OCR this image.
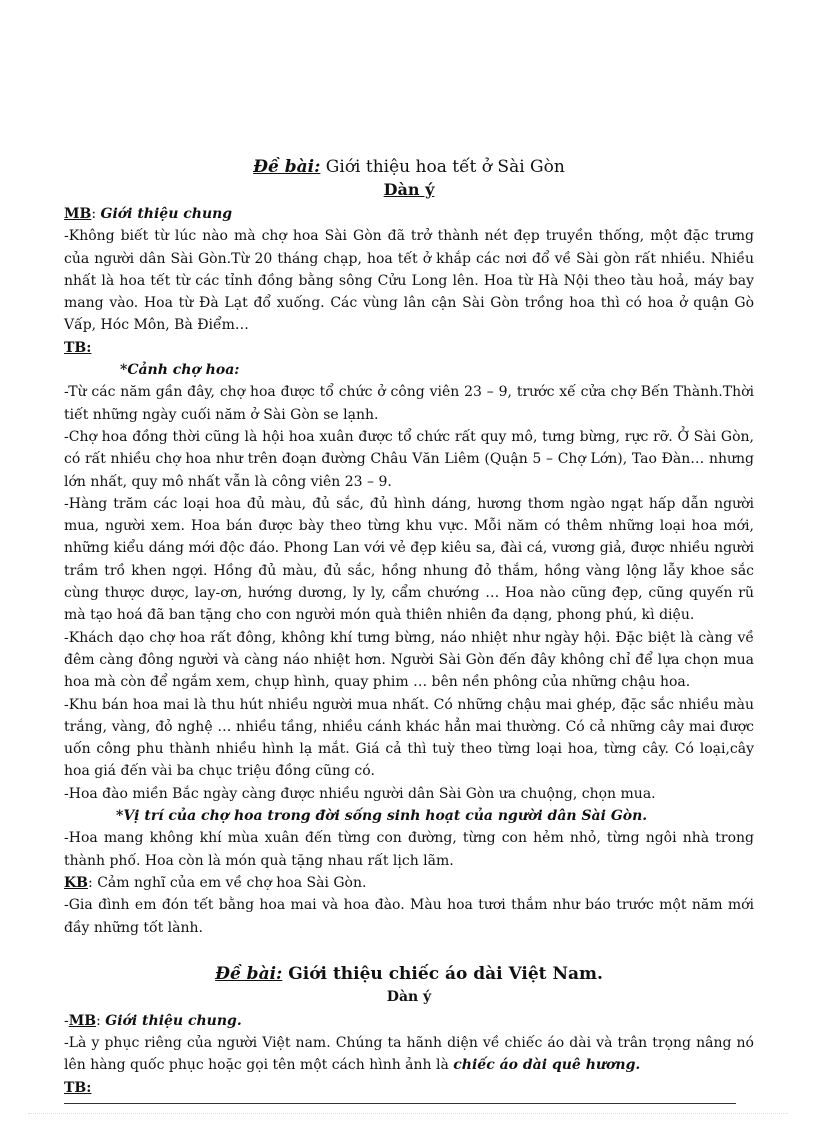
Đề bài: Giới thiệu hoa tết ở Sài Gòn

Dàn ý

MB: Giới thiệu chung

-Không biết từ lúc nào mà chợ hoa Sài Gòn đã trở thành nét đẹp truyền thống, một đặc trưng của người dân Sài Gòn.Từ 20 tháng chạp, hoa tết ở khắp các nơi đổ về Sài gòn rất nhiều. Nhiều nhất là hoa tết từ các tỉnh đồng bằng sông Cửu Long lên. Hoa từ Hà Nội theo tàu hoả, máy bay mang vào. Hoa từ Đà Lạt đổ xuống. Các vùng lân cận Sài Gòn trồng hoa thì có hoa ở quận Gò Vấp, Hóc Môn, Bà Điểm…

TB:

*Cảnh chợ hoa:

-Từ các năm gần đây, chợ hoa được tổ chức ở công viên 23 – 9, trước xế cửa chợ Bến Thành.Thời tiết những ngày cuối năm ở Sài Gòn se lạnh.

-Chợ hoa đồng thời cũng là hội hoa xuân được tổ chức rất quy mô, tưng bừng, rực rỡ. Ở Sài Gòn, có rất nhiều chợ hoa như trên đoạn đường Châu Văn Liêm (Quận 5 – Chợ Lớn), Tao Đàn… nhưng lớn nhất, quy mô nhất vẫn là công viên 23 – 9.

-Hàng trăm các loại hoa đủ màu, đủ sắc, đủ hình dáng, hương thơm ngào ngạt hấp dẫn người mua, người xem. Hoa bán được bày theo từng khu vực. Mỗi năm có thêm những loại hoa mới, những kiểu dáng mới độc đáo. Phong Lan với vẻ đẹp kiêu sa, đài cá, vương giả, được nhiều người trầm trồ khen ngợi. Hồng đủ màu, đủ sắc, hồng nhung đỏ thắm, hồng vàng lộng lẫy khoe sắc cùng thược dược, lay-ơn, hướng dương, ly ly, cẩm chướng … Hoa nào cũng đẹp, cũng quyến rũ mà tạo hoá đã ban tặng cho con người món quà thiên nhiên đa dạng, phong phú, kì diệu.

-Khách dạo chợ hoa rất đông, không khí tưng bừng, náo nhiệt như ngày hội. Đặc biệt là càng về đêm càng đông người và càng náo nhiệt hơn. Người Sài Gòn đến đây không chỉ để lựa chọn mua hoa mà còn để ngắm xem, chụp hình, quay phim … bên nền phông của những chậu hoa.

-Khu bán hoa mai là thu hút nhiều người mua nhất. Có những chậu mai ghép, đặc sắc nhiều màu trắng, vàng, đỏ nghệ … nhiều tầng, nhiều cánh khác hẳn mai thường. Có cả những cây mai được uốn công phu thành nhiều hình lạ mắt. Giá cả thì tuỳ theo từng loại hoa, từng cây. Có loại,cây hoa giá đến vài ba chục triệu đồng cũng có.

-Hoa đào miền Bắc ngày càng được nhiều người dân Sài Gòn ưa chuộng, chọn mua.

*Vị trí của chợ hoa trong đời sống sinh hoạt của người dân Sài Gòn.

-Hoa mang không khí mùa xuân đến từng con đường, từng con hẻm nhỏ, từng ngôi nhà trong thành phố. Hoa còn là món quà tặng nhau rất lịch lãm.

KB: Cảm nghĩ của em về chợ hoa Sài Gòn.

-Gia đình em đón tết bằng hoa mai và hoa đào. Màu hoa tươi thắm như báo trước một năm mới đầy những tốt lành.

Đề bài: Giới thiệu chiếc áo dài Việt Nam.

Dàn ý

-MB: Giới thiệu chung.

-Là y phục riêng của người Việt nam. Chúng ta hãnh diện về chiếc áo dài và trân trọng nâng nó lên hàng quốc phục hoặc gọi tên một cách hình ảnh là chiếc áo dài quê hương.

TB:
